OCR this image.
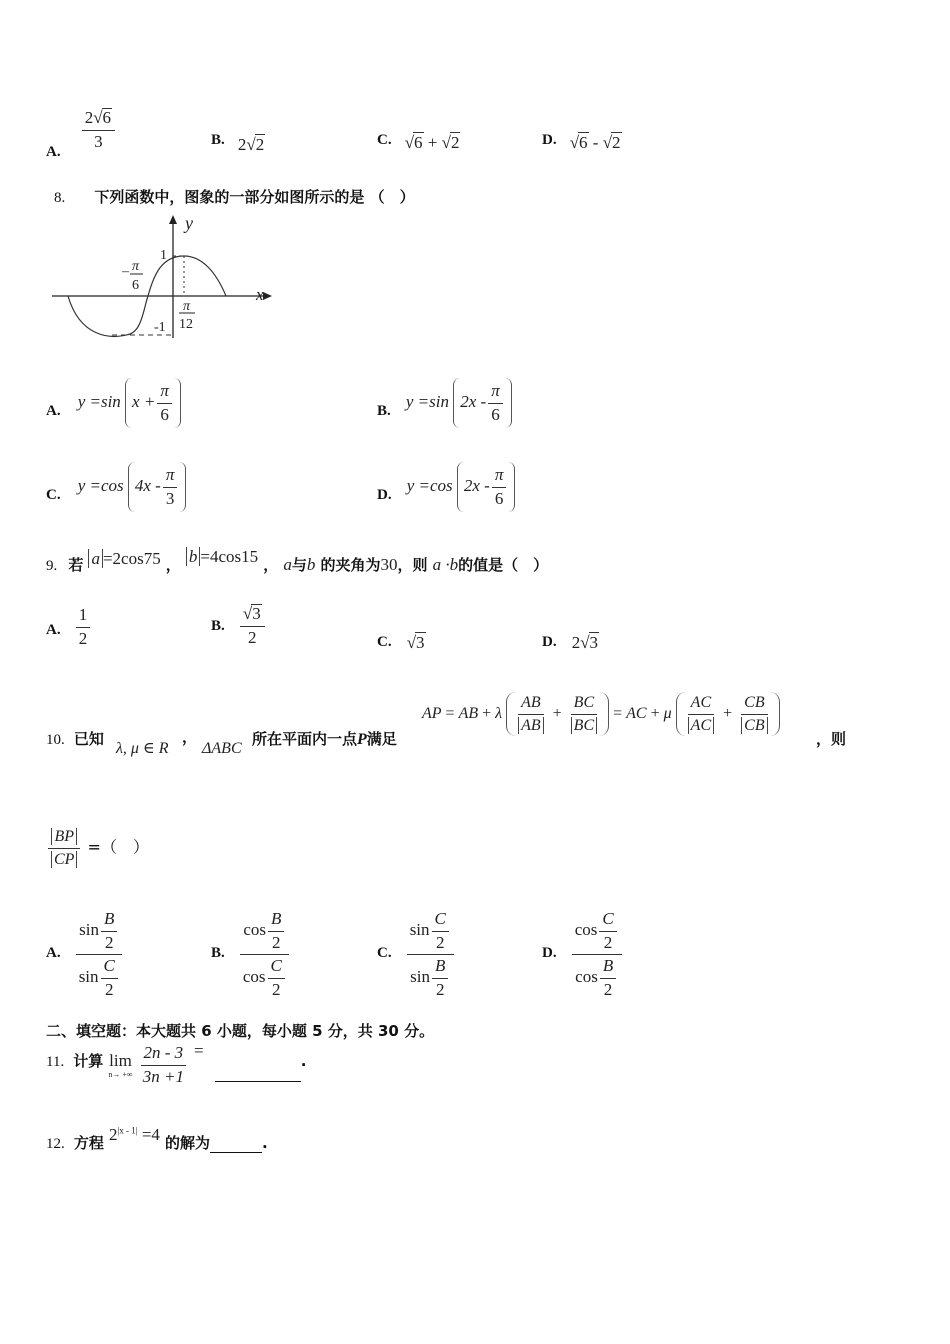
A.
$\frac{2√6}{3}$	B. 2√2	C. √6 + √2	D. √6 - √2
8. 下列函数中，图象的一部分如图所示的是 （　）
y
x
1
-1
– π
6
π
12
A. y =sin $x + \frac{\pi}{6}$	B. y =sin $2x - \frac{\pi}{6}$
C. y =cos $4x - \frac{\pi}{3}$	D. y =cos $2x - \frac{\pi}{6}$
9. 若 a =2cos75 ， b =4cos15 ， a与b 的夹角为30，则 a ·b的值是（　）
A. $\frac{1}{2}$	B. $\frac{√3}{2}$	C. √3	D. 2√3
10. 已知
λ, μ ∈ R
，
ΔABC
所在平面内一点P满足
AP = AB + λ $\frac{AB}{AB} + \frac{BC}{BC}$ = AC + μ $\frac{AC}{AC} + \frac{CB}{CB}$
，则
$\frac{BP}{CP}$ =（　）
A. $\frac{\sin \frac{B}{2}}{\sin \frac{C}{2}}$	B. $\frac{\cos \frac{B}{2}}{\cos \frac{C}{2}}$	C. $\frac{\sin \frac{C}{2}}{\sin \frac{B}{2}}$	D. $\frac{\cos \frac{C}{2}}{\cos \frac{B}{2}}$
二、填空题：本大题共 6 小题，每小题 5 分，共 30 分。
11. 计算 lim
n→ +∞
$\frac{2n - 3}{3n +1}$ = .
12. 方程 $2^{|x - 1|} =4$ 的解为	.
